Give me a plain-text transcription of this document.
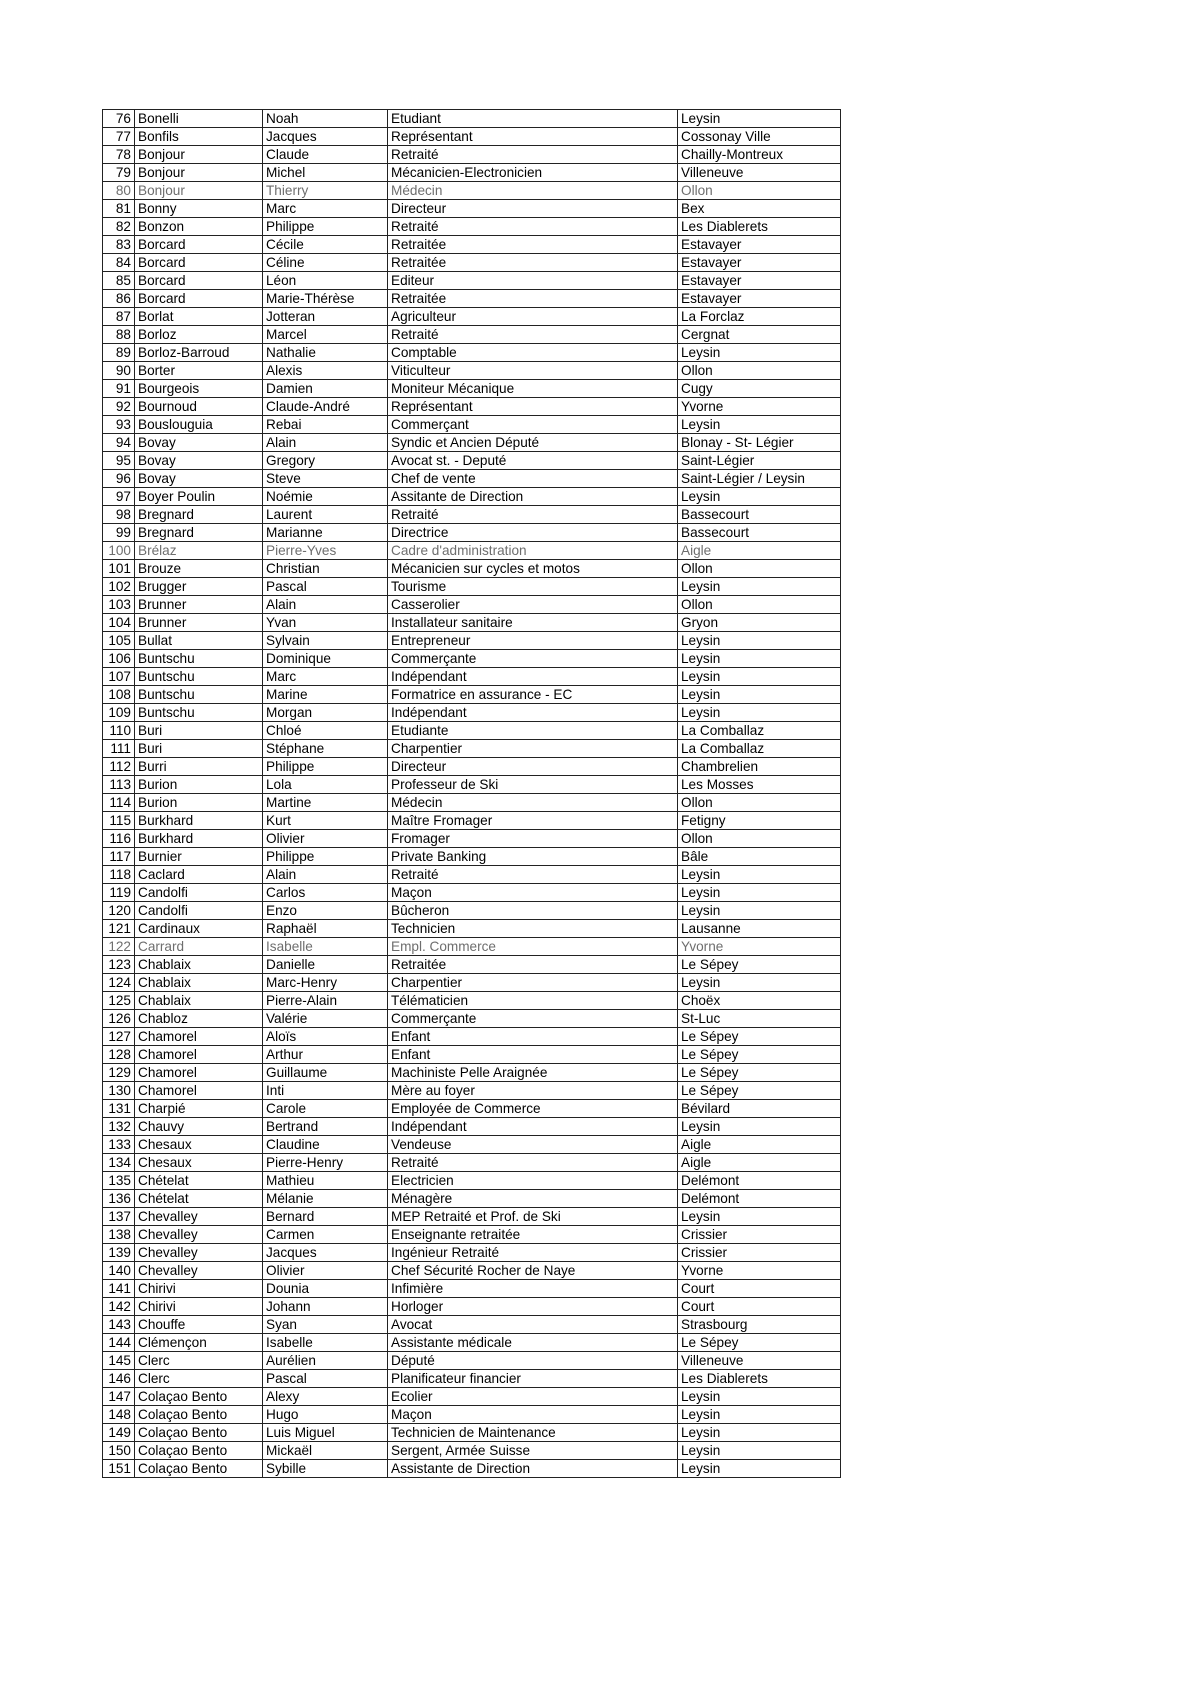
76	Bonelli	Noah	Etudiant	Leysin
77	Bonfils	Jacques	Représentant	Cossonay Ville
78	Bonjour	Claude	Retraité	Chailly-Montreux
79	Bonjour	Michel	Mécanicien-Electronicien	Villeneuve
80	Bonjour	Thierry	Médecin	Ollon
81	Bonny	Marc	Directeur	Bex
82	Bonzon	Philippe	Retraité	Les Diablerets
83	Borcard	Cécile	Retraitée	Estavayer
84	Borcard	Céline	Retraitée	Estavayer
85	Borcard	Léon	Editeur	Estavayer
86	Borcard	Marie-Thérèse	Retraitée	Estavayer
87	Borlat	Jotteran	Agriculteur	La Forclaz
88	Borloz	Marcel	Retraité	Cergnat
89	Borloz-Barroud	Nathalie	Comptable	Leysin
90	Borter	Alexis	Viticulteur	Ollon
91	Bourgeois	Damien	Moniteur Mécanique	Cugy
92	Bournoud	Claude-André	Représentant	Yvorne
93	Bouslouguia	Rebai	Commerçant	Leysin
94	Bovay	Alain	Syndic et Ancien Député	Blonay - St- Légier
95	Bovay	Gregory	Avocat st. - Deputé	Saint-Légier
96	Bovay	Steve	Chef de vente	Saint-Légier / Leysin
97	Boyer Poulin	Noémie	Assitante de Direction	Leysin
98	Bregnard	Laurent	Retraité	Bassecourt
99	Bregnard	Marianne	Directrice	Bassecourt
100	Brélaz	Pierre-Yves	Cadre d'administration	Aigle
101	Brouze	Christian	Mécanicien sur cycles et motos	Ollon
102	Brugger	Pascal	Tourisme	Leysin
103	Brunner	Alain	Casserolier	Ollon
104	Brunner	Yvan	Installateur sanitaire	Gryon
105	Bullat	Sylvain	Entrepreneur	Leysin
106	Buntschu	Dominique	Commerçante	Leysin
107	Buntschu	Marc	Indépendant	Leysin
108	Buntschu	Marine	Formatrice en assurance - EC	Leysin
109	Buntschu	Morgan	Indépendant	Leysin
110	Buri	Chloé	Etudiante	La Comballaz
111	Buri	Stéphane	Charpentier	La Comballaz
112	Burri	Philippe	Directeur	Chambrelien
113	Burion	Lola	Professeur de Ski	Les Mosses
114	Burion	Martine	Médecin	Ollon
115	Burkhard	Kurt	Maître Fromager	Fetigny
116	Burkhard	Olivier	Fromager	Ollon
117	Burnier	Philippe	Private Banking	Bâle
118	Caclard	Alain	Retraité	Leysin
119	Candolfi	Carlos	Maçon	Leysin
120	Candolfi	Enzo	Bûcheron	Leysin
121	Cardinaux	Raphaël	Technicien	Lausanne
122	Carrard	Isabelle	Empl. Commerce	Yvorne
123	Chablaix	Danielle	Retraitée	Le Sépey
124	Chablaix	Marc-Henry	Charpentier	Leysin
125	Chablaix	Pierre-Alain	Télématicien	Choëx
126	Chabloz	Valérie	Commerçante	St-Luc
127	Chamorel	Aloïs	Enfant	Le Sépey
128	Chamorel	Arthur	Enfant	Le Sépey
129	Chamorel	Guillaume	Machiniste Pelle Araignée	Le Sépey
130	Chamorel	Inti	Mère au foyer	Le Sépey
131	Charpié	Carole	Employée de Commerce	Bévilard
132	Chauvy	Bertrand	Indépendant	Leysin
133	Chesaux	Claudine	Vendeuse	Aigle
134	Chesaux	Pierre-Henry	Retraité	Aigle
135	Chételat	Mathieu	Electricien	Delémont
136	Chételat	Mélanie	Ménagère	Delémont
137	Chevalley	Bernard	MEP Retraité et Prof. de Ski	Leysin
138	Chevalley	Carmen	Enseignante retraitée	Crissier
139	Chevalley	Jacques	Ingénieur Retraité	Crissier
140	Chevalley	Olivier	Chef Sécurité Rocher de Naye	Yvorne
141	Chirivi	Dounia	Infimière	Court
142	Chirivi	Johann	Horloger	Court
143	Chouffe	Syan	Avocat	Strasbourg
144	Clémençon	Isabelle	Assistante médicale	Le Sépey
145	Clerc	Aurélien	Député	Villeneuve
146	Clerc	Pascal	Planificateur financier	Les Diablerets
147	Colaçao Bento	Alexy	Ecolier	Leysin
148	Colaçao Bento	Hugo	Maçon	Leysin
149	Colaçao Bento	Luis Miguel	Technicien de Maintenance	Leysin
150	Colaçao Bento	Mickaël	Sergent, Armée Suisse	Leysin
151	Colaçao Bento	Sybille	Assistante de Direction	Leysin
